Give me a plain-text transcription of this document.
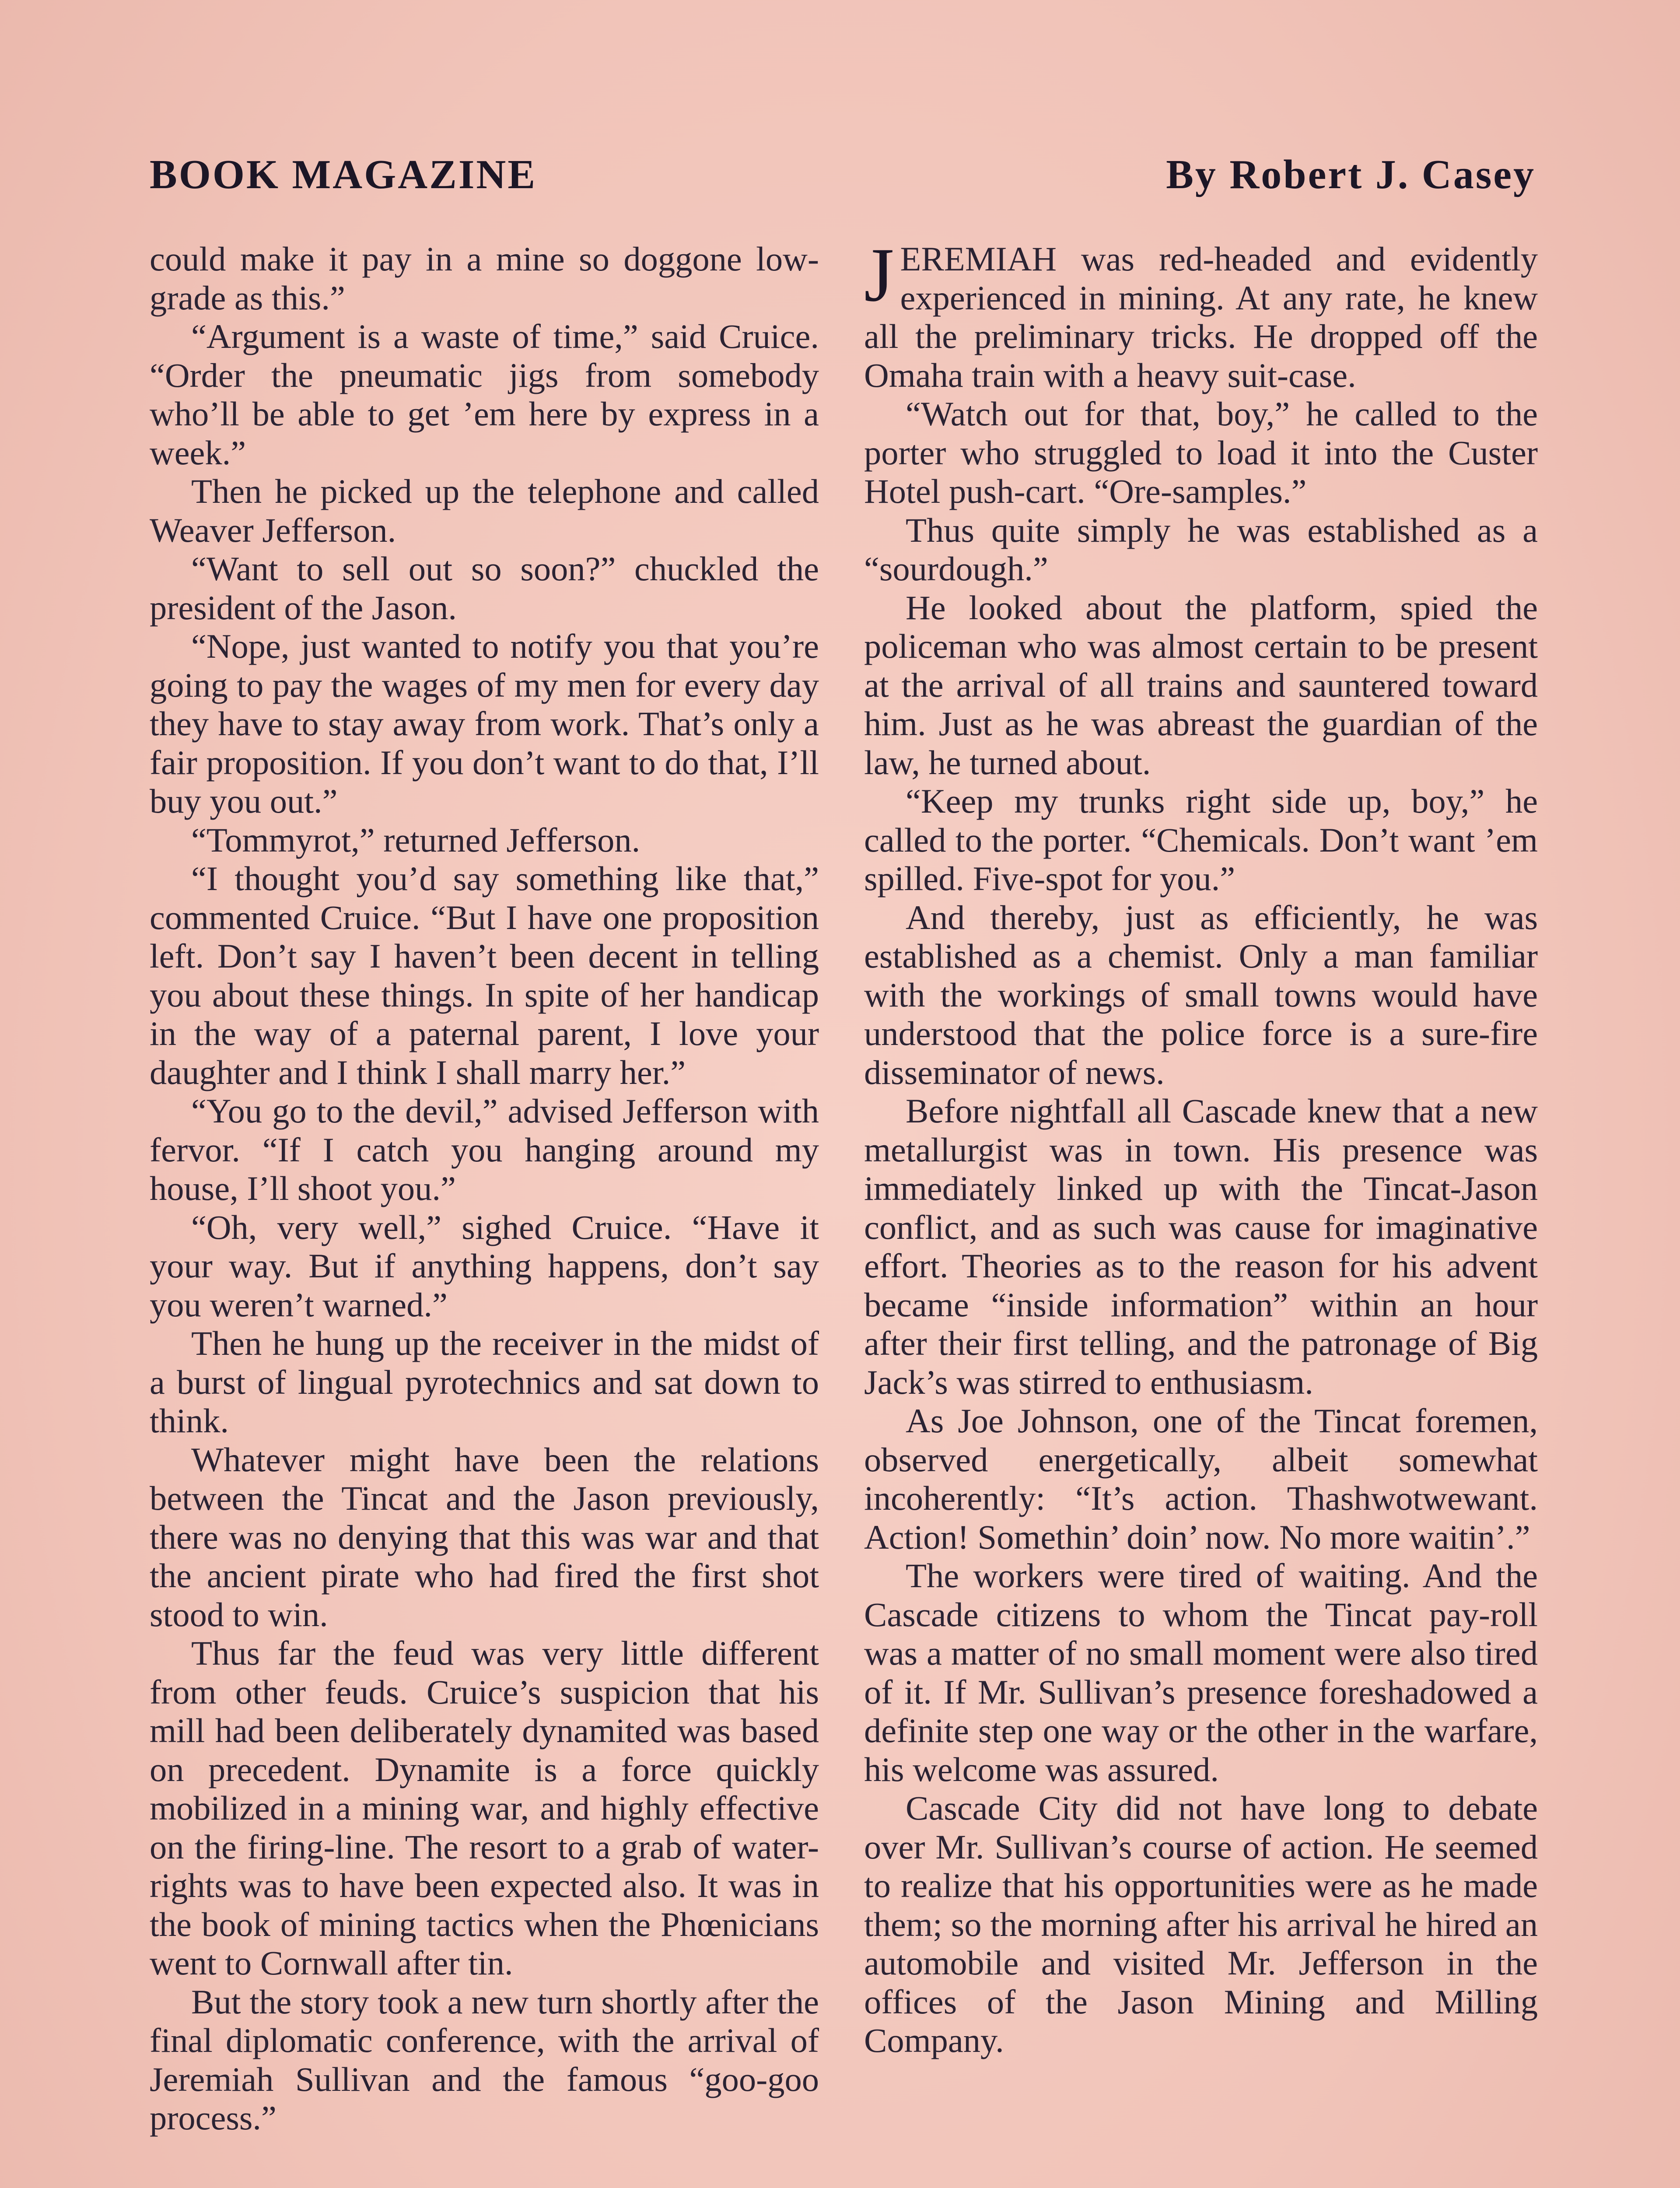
BOOK MAGAZINE	By Robert J. Casey

could make it pay in a mine so doggone low-grade as this.”

“Argument is a waste of time,” said Cruice. “Order the pneumatic jigs from somebody who’ll be able to get ’em here by express in a week.”

Then he picked up the telephone and called Weaver Jefferson.

“Want to sell out so soon?” chuckled the president of the Jason.

“Nope, just wanted to notify you that you’re going to pay the wages of my men for every day they have to stay away from work. That’s only a fair proposition. If you don’t want to do that, I’ll buy you out.”

“Tommyrot,” returned Jefferson.

“I thought you’d say something like that,” commented Cruice. “But I have one proposition left. Don’t say I haven’t been decent in telling you about these things. In spite of her handicap in the way of a paternal parent, I love your daughter and I think I shall marry her.”

“You go to the devil,” advised Jefferson with fervor. “If I catch you hanging around my house, I’ll shoot you.”

“Oh, very well,” sighed Cruice. “Have it your way. But if anything happens, don’t say you weren’t warned.”

Then he hung up the receiver in the midst of a burst of lingual pyrotechnics and sat down to think.

Whatever might have been the relations between the Tincat and the Jason previously, there was no denying that this was war and that the ancient pirate who had fired the first shot stood to win.

Thus far the feud was very little different from other feuds. Cruice’s suspicion that his mill had been deliberately dynamited was based on precedent. Dynamite is a force quickly mobilized in a mining war, and highly effective on the firing-line. The resort to a grab of water-rights was to have been expected also. It was in the book of mining tactics when the Phœnicians went to Cornwall after tin.

But the story took a new turn shortly after the final diplomatic conference, with the arrival of Jeremiah Sullivan and the famous “goo-goo process.”

JEREMIAH was red-headed and evidently experienced in mining. At any rate, he knew all the preliminary tricks. He dropped off the Omaha train with a heavy suit-case.

“Watch out for that, boy,” he called to the porter who struggled to load it into the Custer Hotel push-cart. “Ore-samples.”

Thus quite simply he was established as a “sourdough.”

He looked about the platform, spied the policeman who was almost certain to be present at the arrival of all trains and sauntered toward him. Just as he was abreast the guardian of the law, he turned about.

“Keep my trunks right side up, boy,” he called to the porter. “Chemicals. Don’t want ’em spilled. Five-spot for you.”

And thereby, just as efficiently, he was established as a chemist. Only a man familiar with the workings of small towns would have understood that the police force is a sure-fire disseminator of news.

Before nightfall all Cascade knew that a new metallurgist was in town. His presence was immediately linked up with the Tincat-Jason conflict, and as such was cause for imaginative effort. Theories as to the reason for his advent became “inside information” within an hour after their first telling, and the patronage of Big Jack’s was stirred to enthusiasm.

As Joe Johnson, one of the Tincat foremen, observed energetically, albeit somewhat incoherently: “It’s action. Thashwotwewant. Action! Somethin’ doin’ now. No more waitin’.”

The workers were tired of waiting. And the Cascade citizens to whom the Tincat pay-roll was a matter of no small moment were also tired of it. If Mr. Sullivan’s presence foreshadowed a definite step one way or the other in the warfare, his welcome was assured.

Cascade City did not have long to debate over Mr. Sullivan’s course of action. He seemed to realize that his opportunities were as he made them; so the morning after his arrival he hired an automobile and visited Mr. Jefferson in the offices of the Jason Mining and Milling Company.
